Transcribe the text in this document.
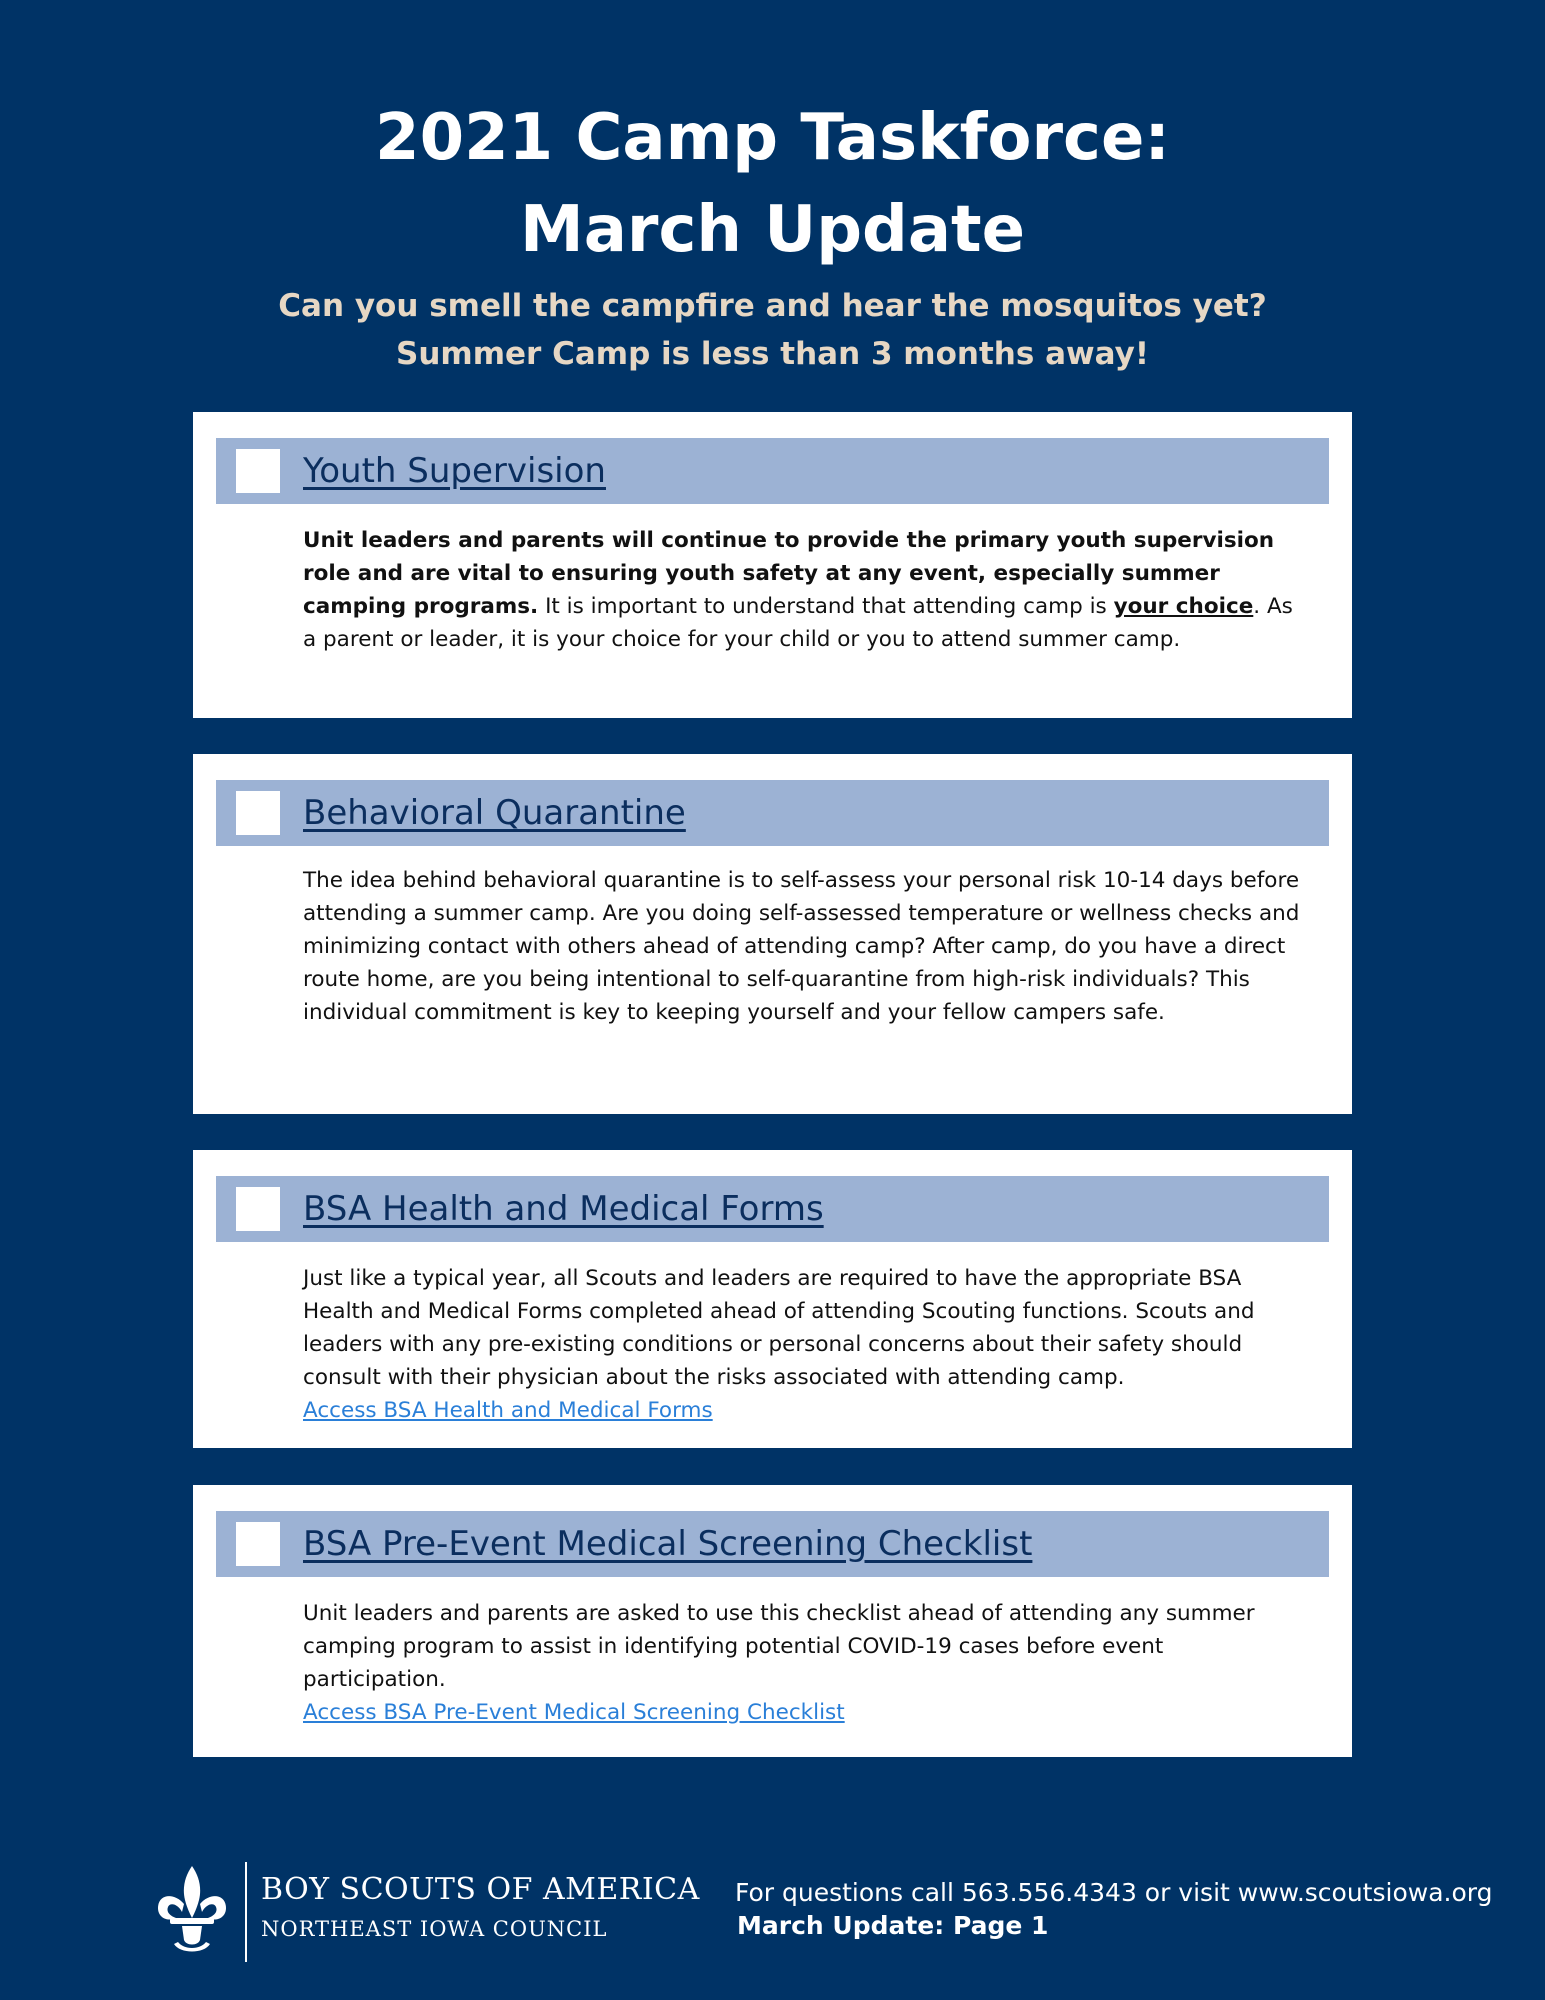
2021 Camp Taskforce:
March Update
Can you smell the campfire and hear the mosquitos yet?
Summer Camp is less than 3 months away!
Youth Supervision
Unit leaders and parents will continue to provide the primary youth supervision role and are vital to ensuring youth safety at any event, especially summer camping programs. It is important to understand that attending camp is your choice. As a parent or leader, it is your choice for your child or you to attend summer camp.
Behavioral Quarantine
The idea behind behavioral quarantine is to self-assess your personal risk 10-14 days before attending a summer camp. Are you doing self-assessed temperature or wellness checks and minimizing contact with others ahead of attending camp? After camp, do you have a direct route home, are you being intentional to self-quarantine from high-risk individuals? This individual commitment is key to keeping yourself and your fellow campers safe.
BSA Health and Medical Forms
Just like a typical year, all Scouts and leaders are required to have the appropriate BSA Health and Medical Forms completed ahead of attending Scouting functions. Scouts and leaders with any pre-existing conditions or personal concerns about their safety should consult with their physician about the risks associated with attending camp.
Access BSA Health and Medical Forms
BSA Pre-Event Medical Screening Checklist
Unit leaders and parents are asked to use this checklist ahead of attending any summer camping program to assist in identifying potential COVID-19 cases before event participation.
Access BSA Pre-Event Medical Screening Checklist
BOY SCOUTS OF AMERICA
NORTHEAST IOWA COUNCIL
For questions call 563.556.4343 or visit www.scoutsiowa.org
March Update: Page 1
